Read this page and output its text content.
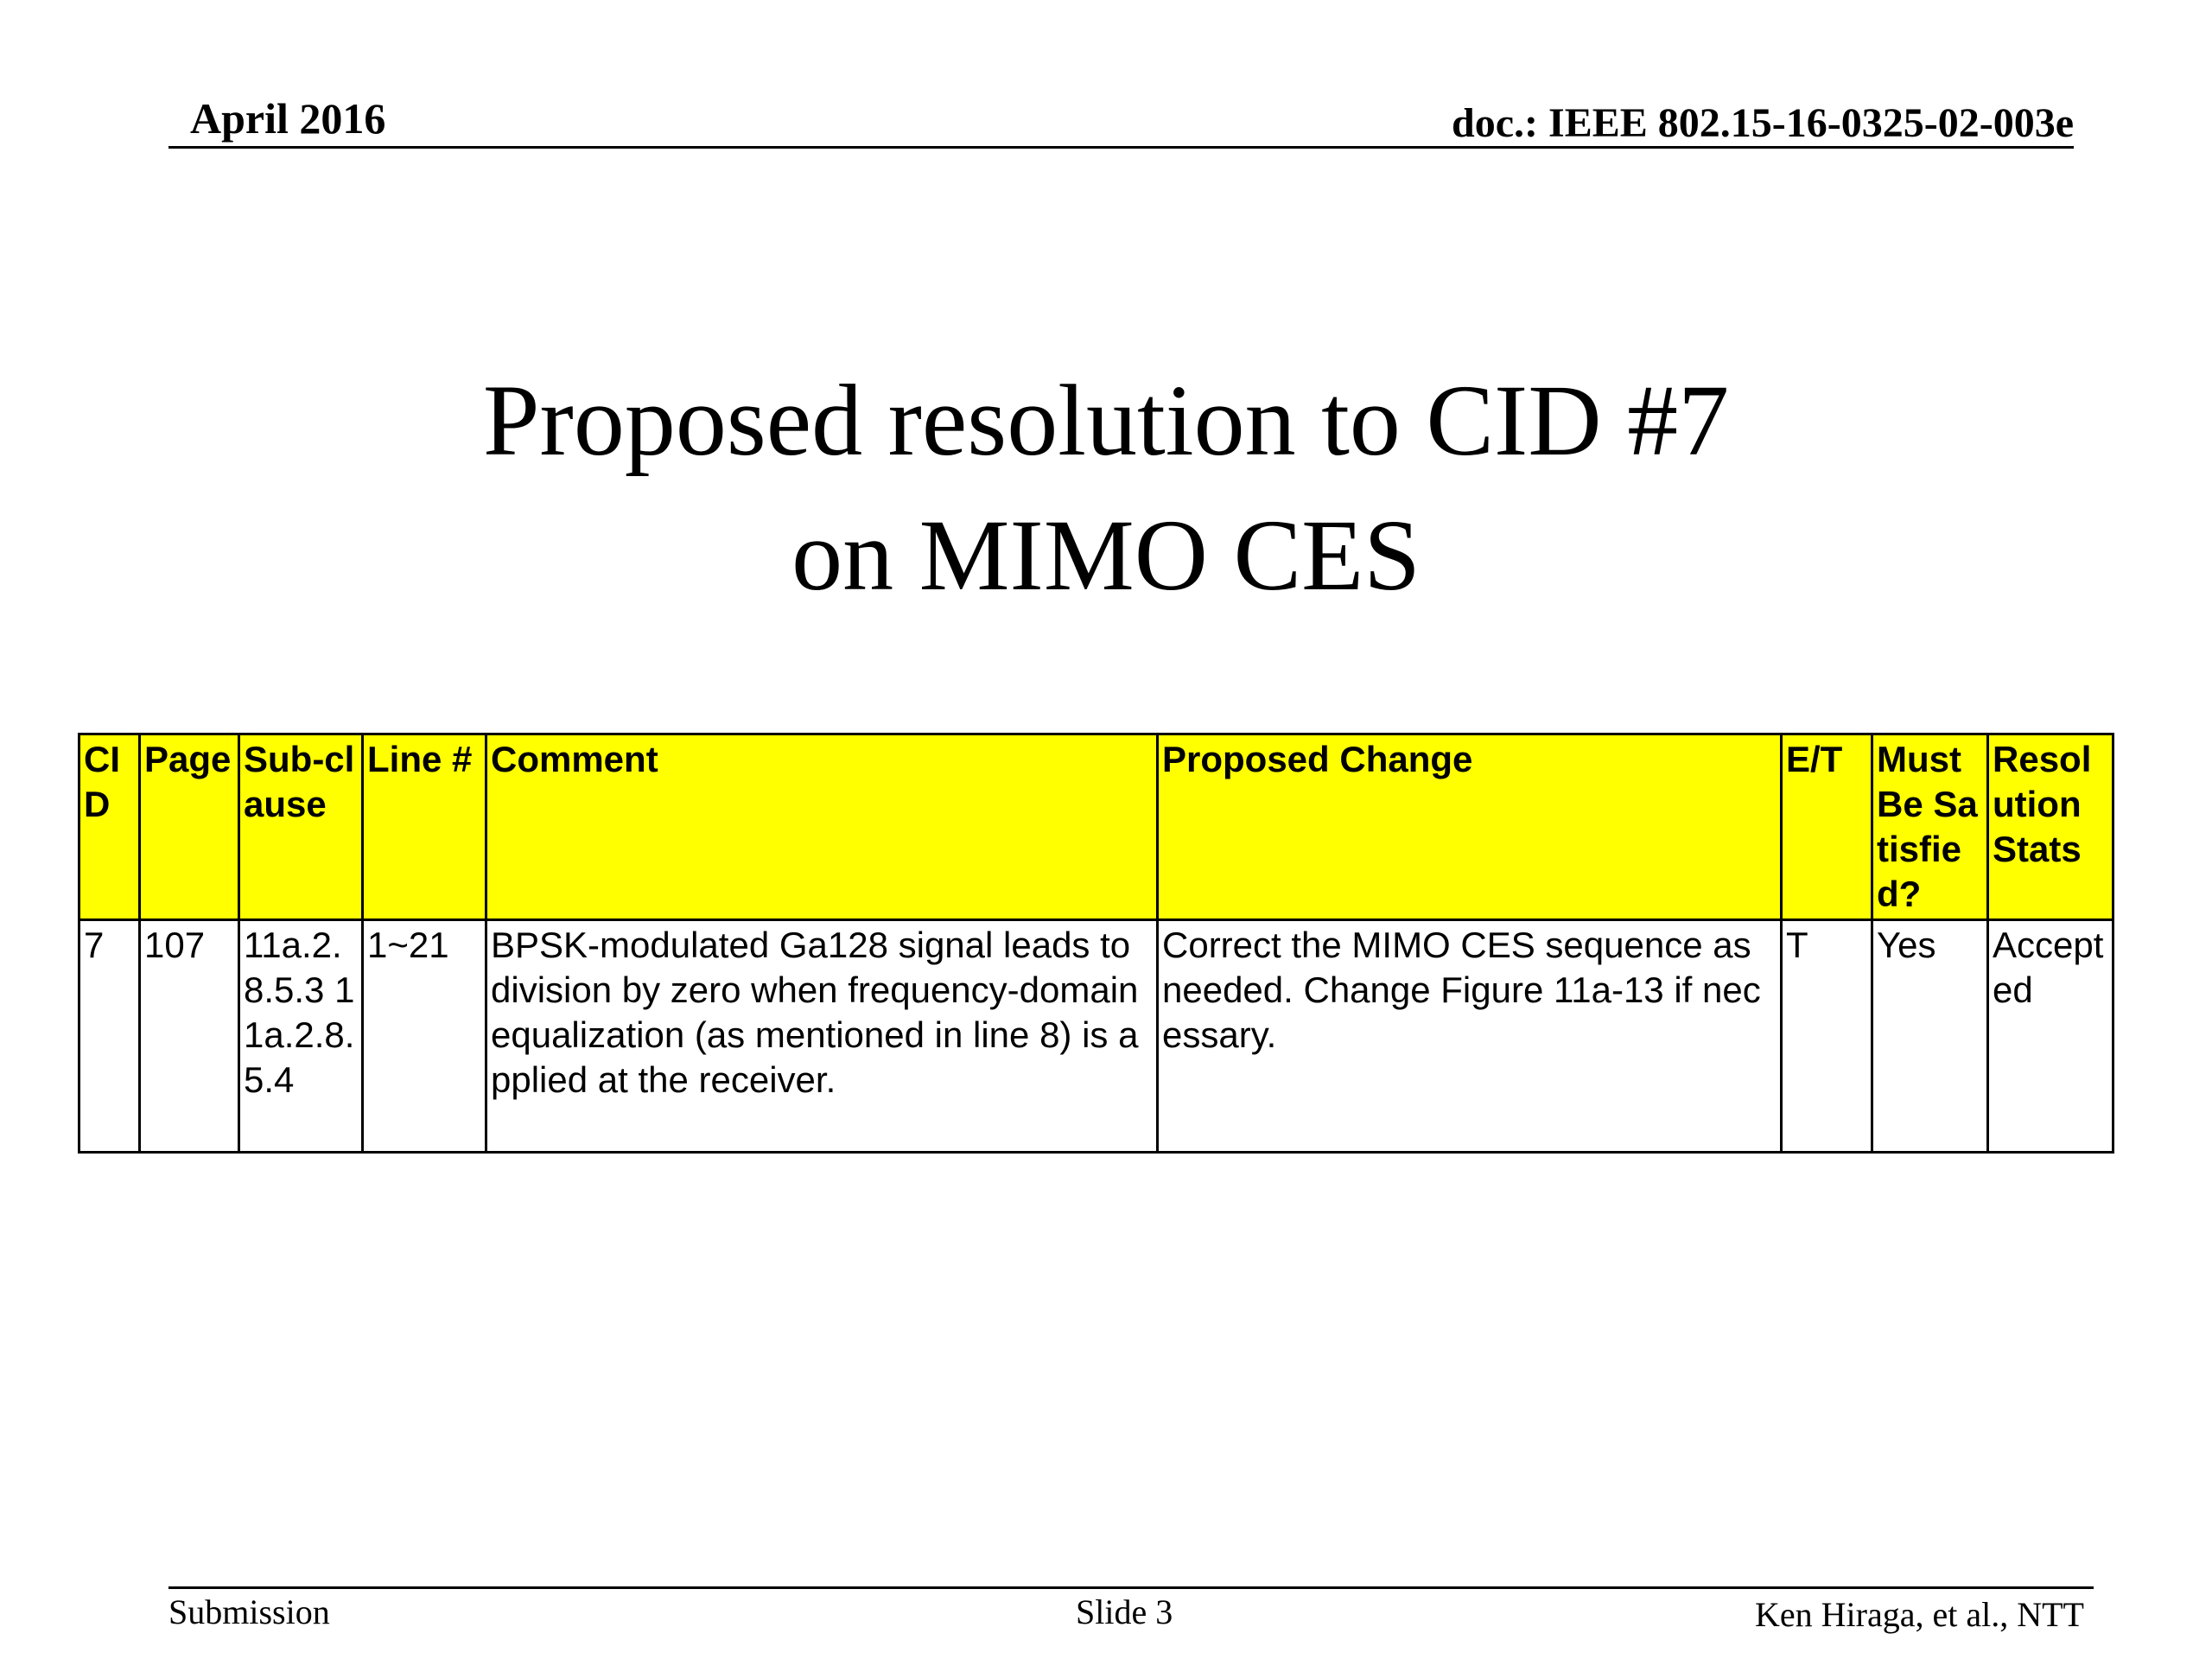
April 2016	doc.: IEEE 802.15-16-0325-02-003e
Proposed resolution to CID #7
on MIMO CES
CID	Page	Sub-clause	Line #	Comment	Proposed Change	E/T	Must Be Satisfied?	Resolution Stats
7	107	11a.2.8.5.3 11a.2.8.5.4	1~21	BPSK-modulated Ga128 signal leads to division by zero when frequency-domain equalization (as mentioned in line 8) is applied at the receiver.	Correct the MIMO CES sequence as needed. Change Figure 11a-13 if necessary.	T	Yes	Accepted
Submission	Slide 3	Ken Hiraga, et al., NTT
